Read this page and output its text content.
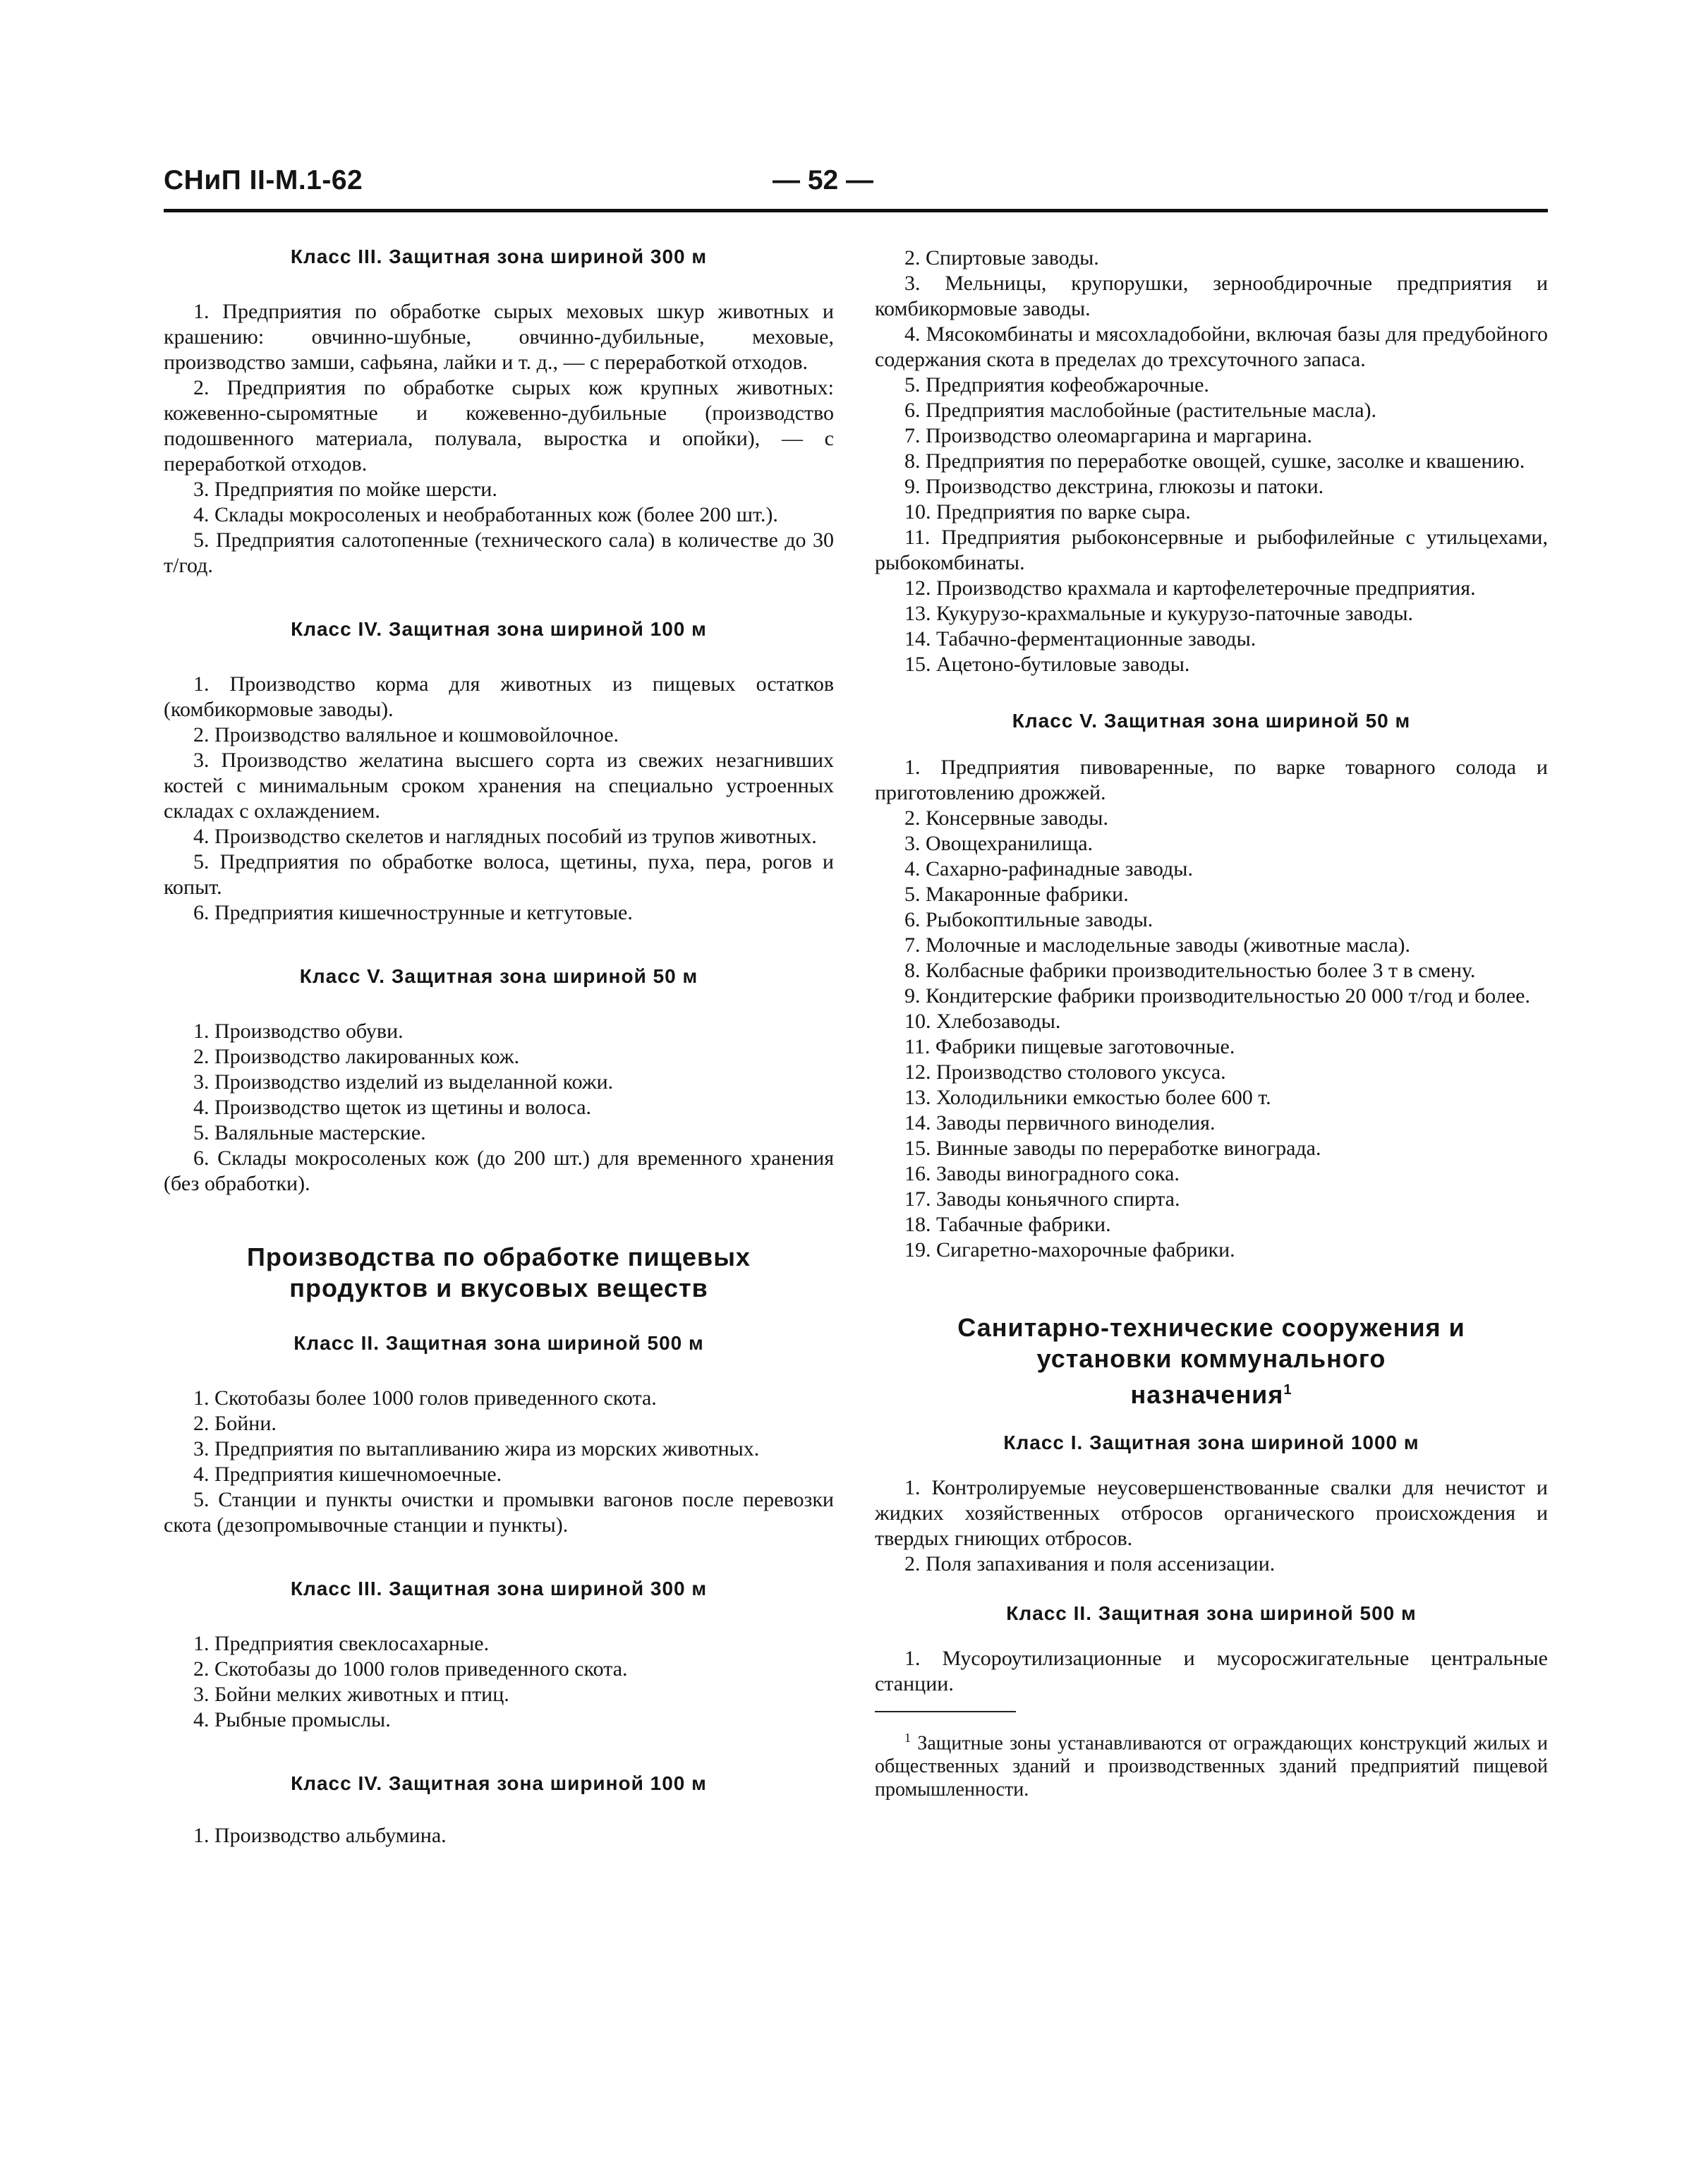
СНиП II-М.1-62	— 52 —

Класс III. Защитная зона шириной 300 м

1. Предприятия по обработке сырых меховых шкур животных и крашению: овчинно-шубные, овчинно-дубильные, меховые, производство замши, сафьяна, лайки и т. д., — с переработкой отходов.

2. Предприятия по обработке сырых кож крупных животных: кожевенно-сыромятные и кожевенно-дубильные (производство подошвенного материала, полувала, выростка и опойки), — с переработкой отходов.

3. Предприятия по мойке шерсти.

4. Склады мокросоленых и необработанных кож (более 200 шт.).

5. Предприятия салотопенные (технического сала) в количестве до 30 т/год.

Класс IV. Защитная зона шириной 100 м

1. Производство корма для животных из пищевых остатков (комбикормовые заводы).

2. Производство валяльное и кошмовойлочное.

3. Производство желатина высшего сорта из свежих незагнивших костей с минимальным сроком хранения на специально устроенных складах с охлаждением.

4. Производство скелетов и наглядных пособий из трупов животных.

5. Предприятия по обработке волоса, щетины, пуха, пера, рогов и копыт.

6. Предприятия кишечнострунные и кетгутовые.

Класс V. Защитная зона шириной 50 м

1. Производство обуви.

2. Производство лакированных кож.

3. Производство изделий из выделанной кожи.

4. Производство щеток из щетины и волоса.

5. Валяльные мастерские.

6. Склады мокросоленых кож (до 200 шт.) для временного хранения (без обработки).

Производства по обработке пищевых продуктов и вкусовых веществ

Класс II. Защитная зона шириной 500 м

1. Скотобазы более 1000 голов приведенного скота.

2. Бойни.

3. Предприятия по вытапливанию жира из морских животных.

4. Предприятия кишечномоечные.

5. Станции и пункты очистки и промывки вагонов после перевозки скота (дезопромывочные станции и пункты).

Класс III. Защитная зона шириной 300 м

1. Предприятия свеклосахарные.

2. Скотобазы до 1000 голов приведенного скота.

3. Бойни мелких животных и птиц.

4. Рыбные промыслы.

Класс IV. Защитная зона шириной 100 м

1. Производство альбумина.

2. Спиртовые заводы.

3. Мельницы, крупорушки, зернообдирочные предприятия и комбикормовые заводы.

4. Мясокомбинаты и мясохладобойни, включая базы для предубойного содержания скота в пределах до трехсуточного запаса.

5. Предприятия кофеобжарочные.

6. Предприятия маслобойные (растительные масла).

7. Производство олеомаргарина и маргарина.

8. Предприятия по переработке овощей, сушке, засолке и квашению.

9. Производство декстрина, глюкозы и патоки.

10. Предприятия по варке сыра.

11. Предприятия рыбоконсервные и рыбофилейные с утильцехами, рыбокомбинаты.

12. Производство крахмала и картофелетерочные предприятия.

13. Кукурузо-крахмальные и кукурузо-паточные заводы.

14. Табачно-ферментационные заводы.

15. Ацетоно-бутиловые заводы.

Класс V. Защитная зона шириной 50 м

1. Предприятия пивоваренные, по варке товарного солода и приготовлению дрожжей.

2. Консервные заводы.

3. Овощехранилища.

4. Сахарно-рафинадные заводы.

5. Макаронные фабрики.

6. Рыбокоптильные заводы.

7. Молочные и маслодельные заводы (животные масла).

8. Колбасные фабрики производительностью более 3 т в смену.

9. Кондитерские фабрики производительностью 20 000 т/год и более.

10. Хлебозаводы.

11. Фабрики пищевые заготовочные.

12. Производство столового уксуса.

13. Холодильники емкостью более 600 т.

14. Заводы первичного виноделия.

15. Винные заводы по переработке винограда.

16. Заводы виноградного сока.

17. Заводы коньячного спирта.

18. Табачные фабрики.

19. Сигаретно-махорочные фабрики.

Санитарно-технические сооружения и установки коммунального назначения$^1$

Класс I. Защитная зона шириной 1000 м

1. Контролируемые неусовершенствованные свалки для нечистот и жидких хозяйственных отбросов органического происхождения и твердых гниющих отбросов.

2. Поля запахивания и поля ассенизации.

Класс II. Защитная зона шириной 500 м

1. Мусороутилизационные и мусоросжигательные центральные станции.

$^1$ Защитные зоны устанавливаются от ограждающих конструкций жилых и общественных зданий и производственных зданий предприятий пищевой промышленности.
